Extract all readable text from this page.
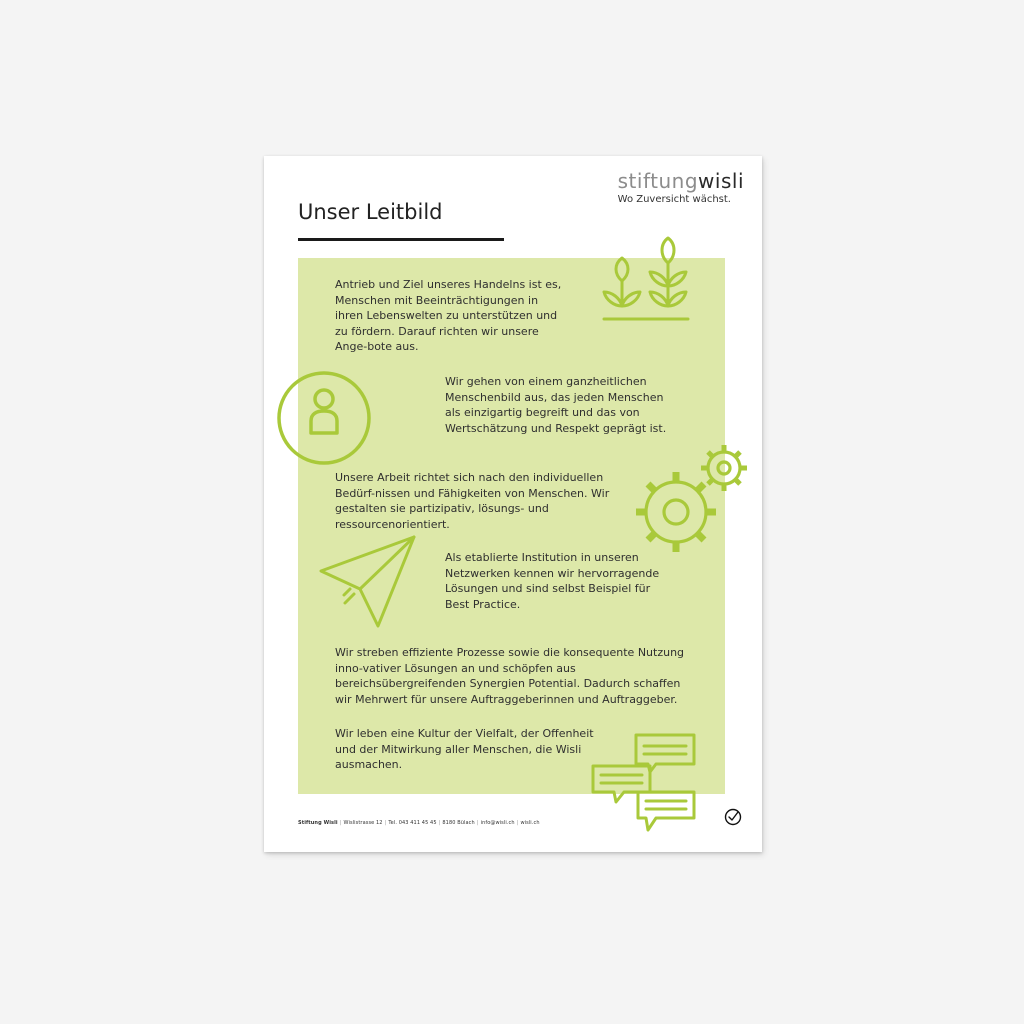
stiftungwisli
Wo Zuversicht wächst.
Unser Leitbild

Antrieb und Ziel unseres Handelns ist es, Menschen mit Beeinträchtigungen in ihren Lebenswelten zu unterstützen und zu fördern. Darauf richten wir unsere Ange-bote aus.

Wir gehen von einem ganzheitlichen Menschenbild aus, das jeden Menschen als einzigartig begreift und das von Wertschätzung und Respekt geprägt ist.

Unsere Arbeit richtet sich nach den individuellen Bedürf-nissen und Fähigkeiten von Menschen. Wir gestalten sie partizipativ, lösungs- und ressourcenorientiert.

Als etablierte Institution in unseren Netzwerken kennen wir hervorragende Lösungen und sind selbst Beispiel für Best Practice.

Wir streben effiziente Prozesse sowie die konsequente Nutzung inno-vativer Lösungen an und schöpfen aus bereichsübergreifenden Synergien Potential. Dadurch schaffen wir Mehrwert für unsere Auftraggeberinnen und Auftraggeber.

Wir leben eine Kultur der Vielfalt, der Offenheit und der Mitwirkung aller Menschen, die Wisli ausmachen.

Stiftung Wisli | Wislistrasse 12 | Tel. 043 411 45 45 | 8180 Bülach | info@wisli.ch | wisli.ch
